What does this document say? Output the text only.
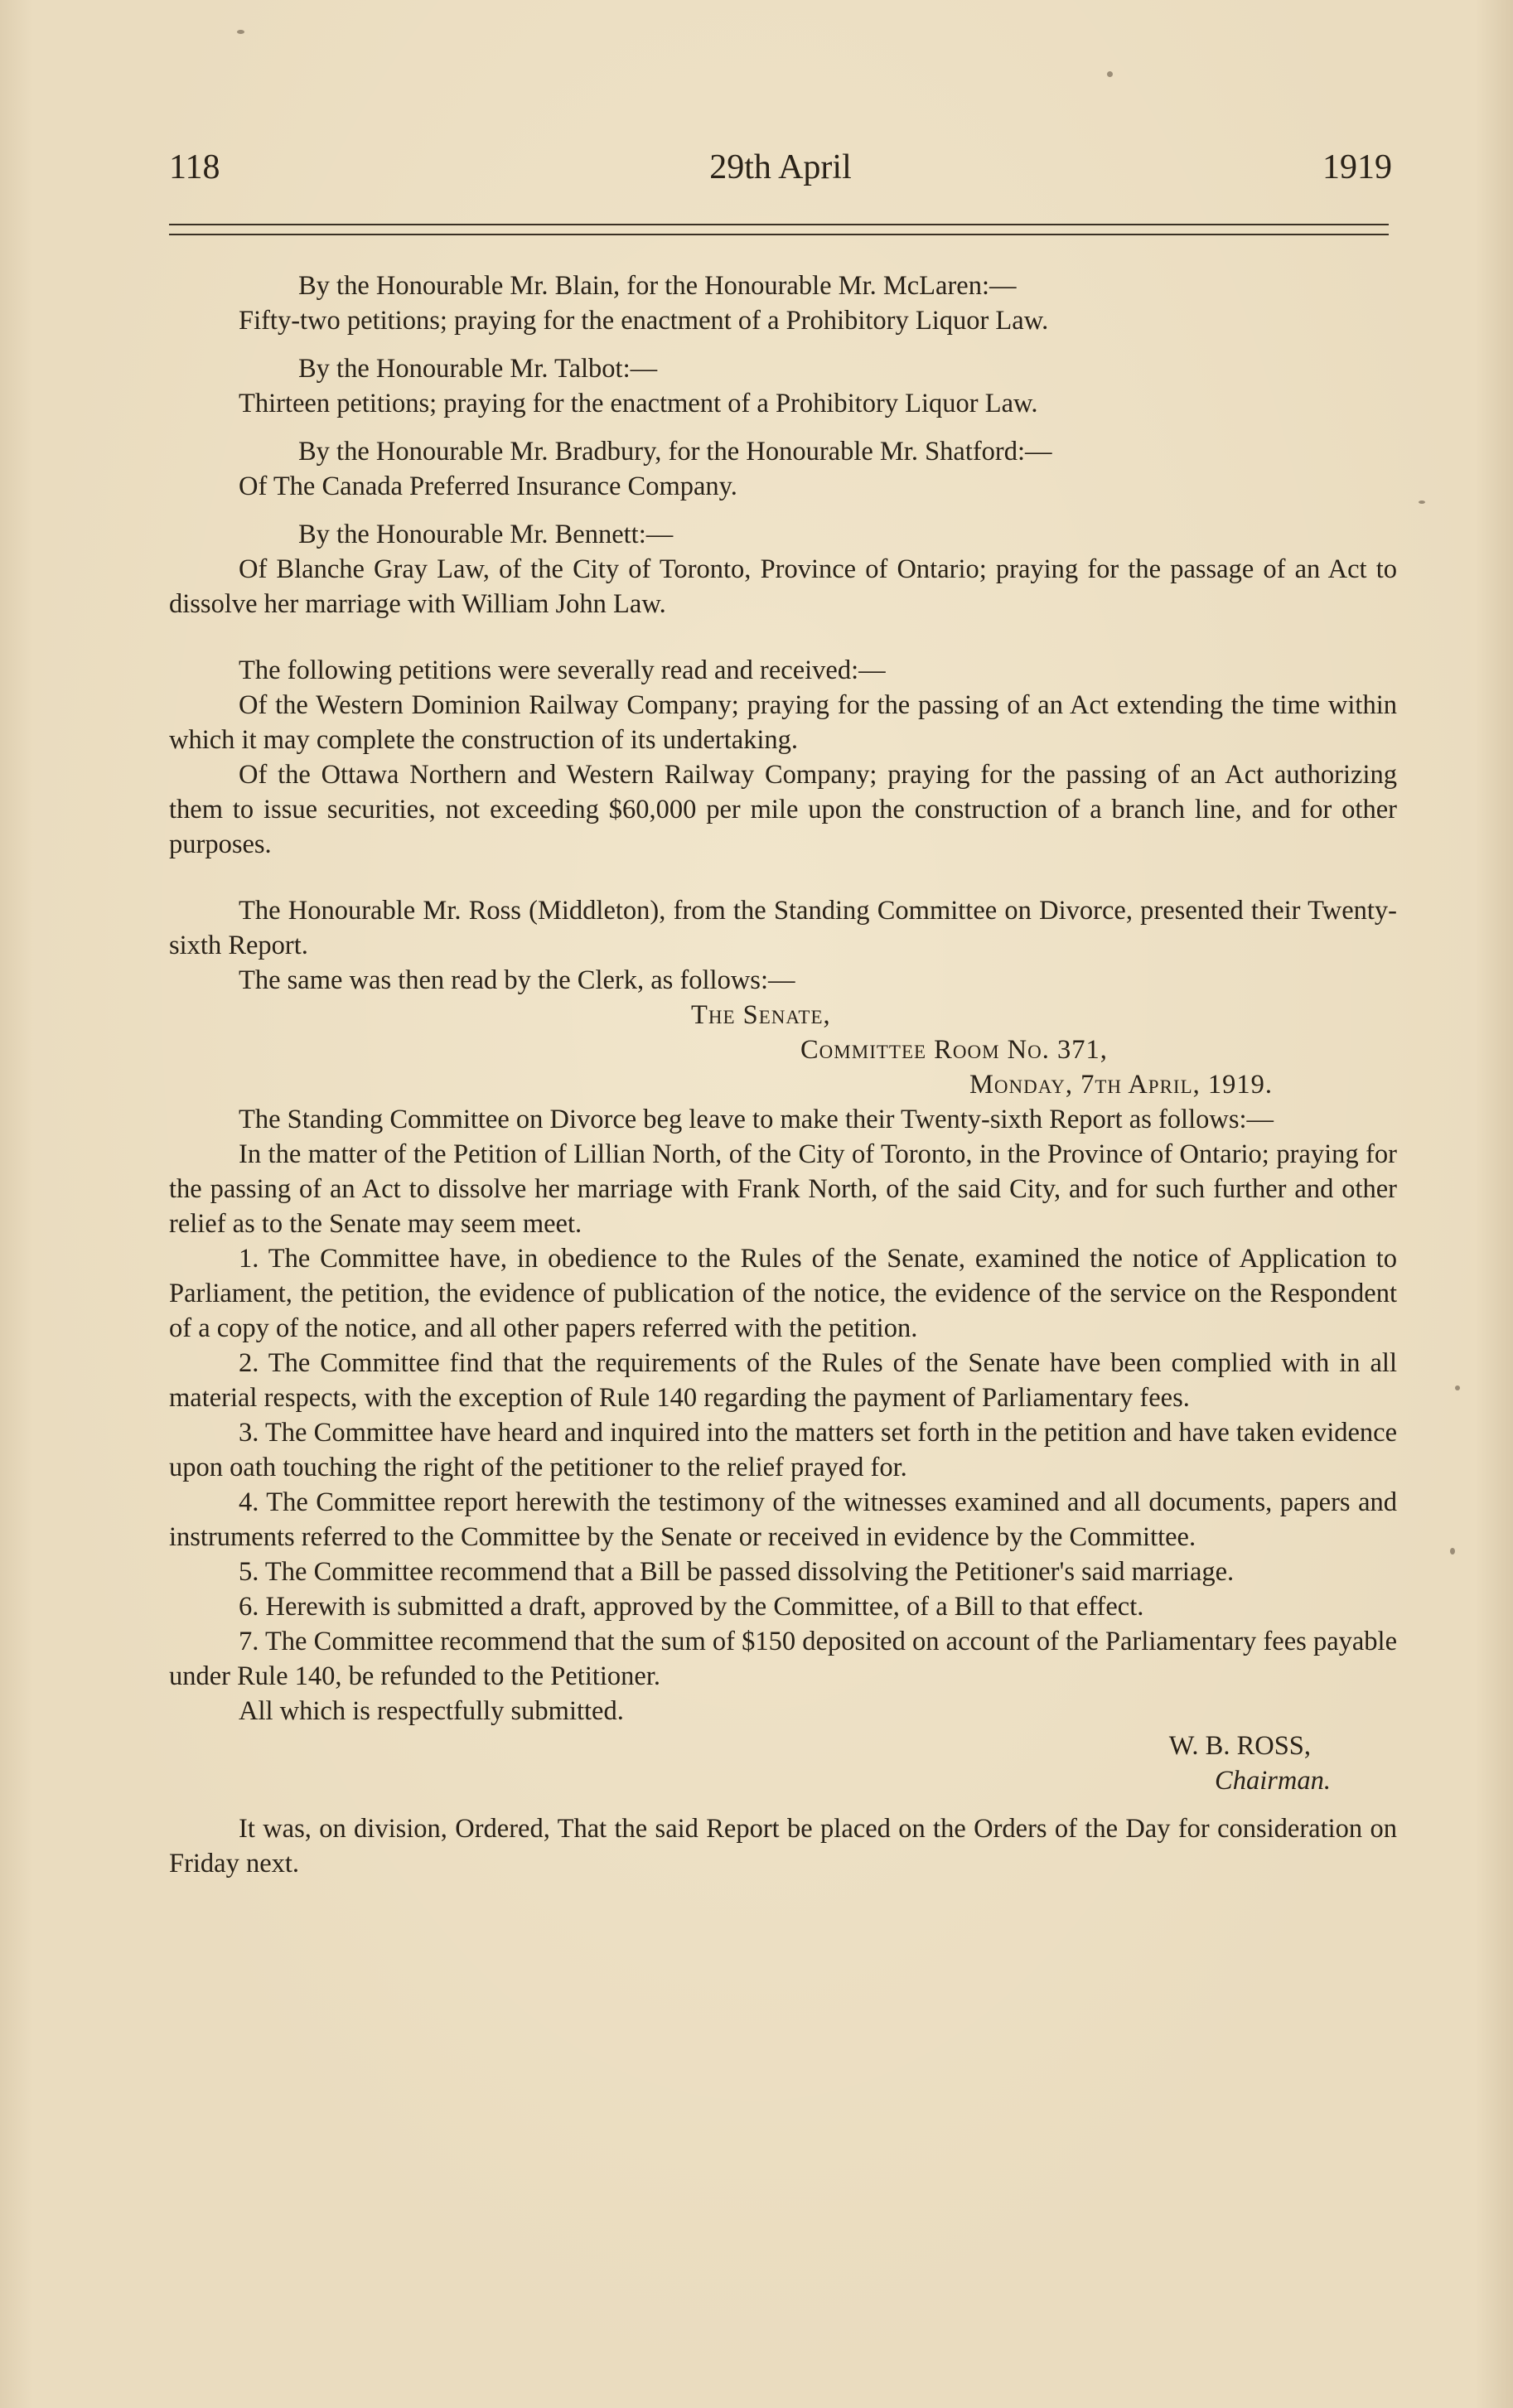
118	29th April	1919

By the Honourable Mr. Blain, for the Honourable Mr. McLaren:—

Fifty-two petitions; praying for the enactment of a Prohibitory Liquor Law.

By the Honourable Mr. Talbot:—

Thirteen petitions; praying for the enactment of a Prohibitory Liquor Law.

By the Honourable Mr. Bradbury, for the Honourable Mr. Shatford:—

Of The Canada Preferred Insurance Company.

By the Honourable Mr. Bennett:—

Of Blanche Gray Law, of the City of Toronto, Province of Ontario; praying for the passage of an Act to dissolve her marriage with William John Law.

The following petitions were severally read and received:—

Of the Western Dominion Railway Company; praying for the passing of an Act extending the time within which it may complete the construction of its undertaking.

Of the Ottawa Northern and Western Railway Company; praying for the passing of an Act authorizing them to issue securities, not exceeding $60,000 per mile upon the construction of a branch line, and for other purposes.

The Honourable Mr. Ross (Middleton), from the Standing Committee on Divorce, presented their Twenty-sixth Report.

The same was then read by the Clerk, as follows:—

The Senate,

Committee Room No. 371,

Monday, 7th April, 1919.

The Standing Committee on Divorce beg leave to make their Twenty-sixth Report as follows:—

In the matter of the Petition of Lillian North, of the City of Toronto, in the Province of Ontario; praying for the passing of an Act to dissolve her marriage with Frank North, of the said City, and for such further and other relief as to the Senate may seem meet.

1. The Committee have, in obedience to the Rules of the Senate, examined the notice of Application to Parliament, the petition, the evidence of publication of the notice, the evidence of the service on the Respondent of a copy of the notice, and all other papers referred with the petition.

2. The Committee find that the requirements of the Rules of the Senate have been complied with in all material respects, with the exception of Rule 140 regarding the payment of Parliamentary fees.

3. The Committee have heard and inquired into the matters set forth in the petition and have taken evidence upon oath touching the right of the petitioner to the relief prayed for.

4. The Committee report herewith the testimony of the witnesses examined and all documents, papers and instruments referred to the Committee by the Senate or received in evidence by the Committee.

5. The Committee recommend that a Bill be passed dissolving the Petitioner's said marriage.

6. Herewith is submitted a draft, approved by the Committee, of a Bill to that effect.

7. The Committee recommend that the sum of $150 deposited on account of the Parliamentary fees payable under Rule 140, be refunded to the Petitioner.

All which is respectfully submitted.

W. B. ROSS,

Chairman.

It was, on division, Ordered, That the said Report be placed on the Orders of the Day for consideration on Friday next.
